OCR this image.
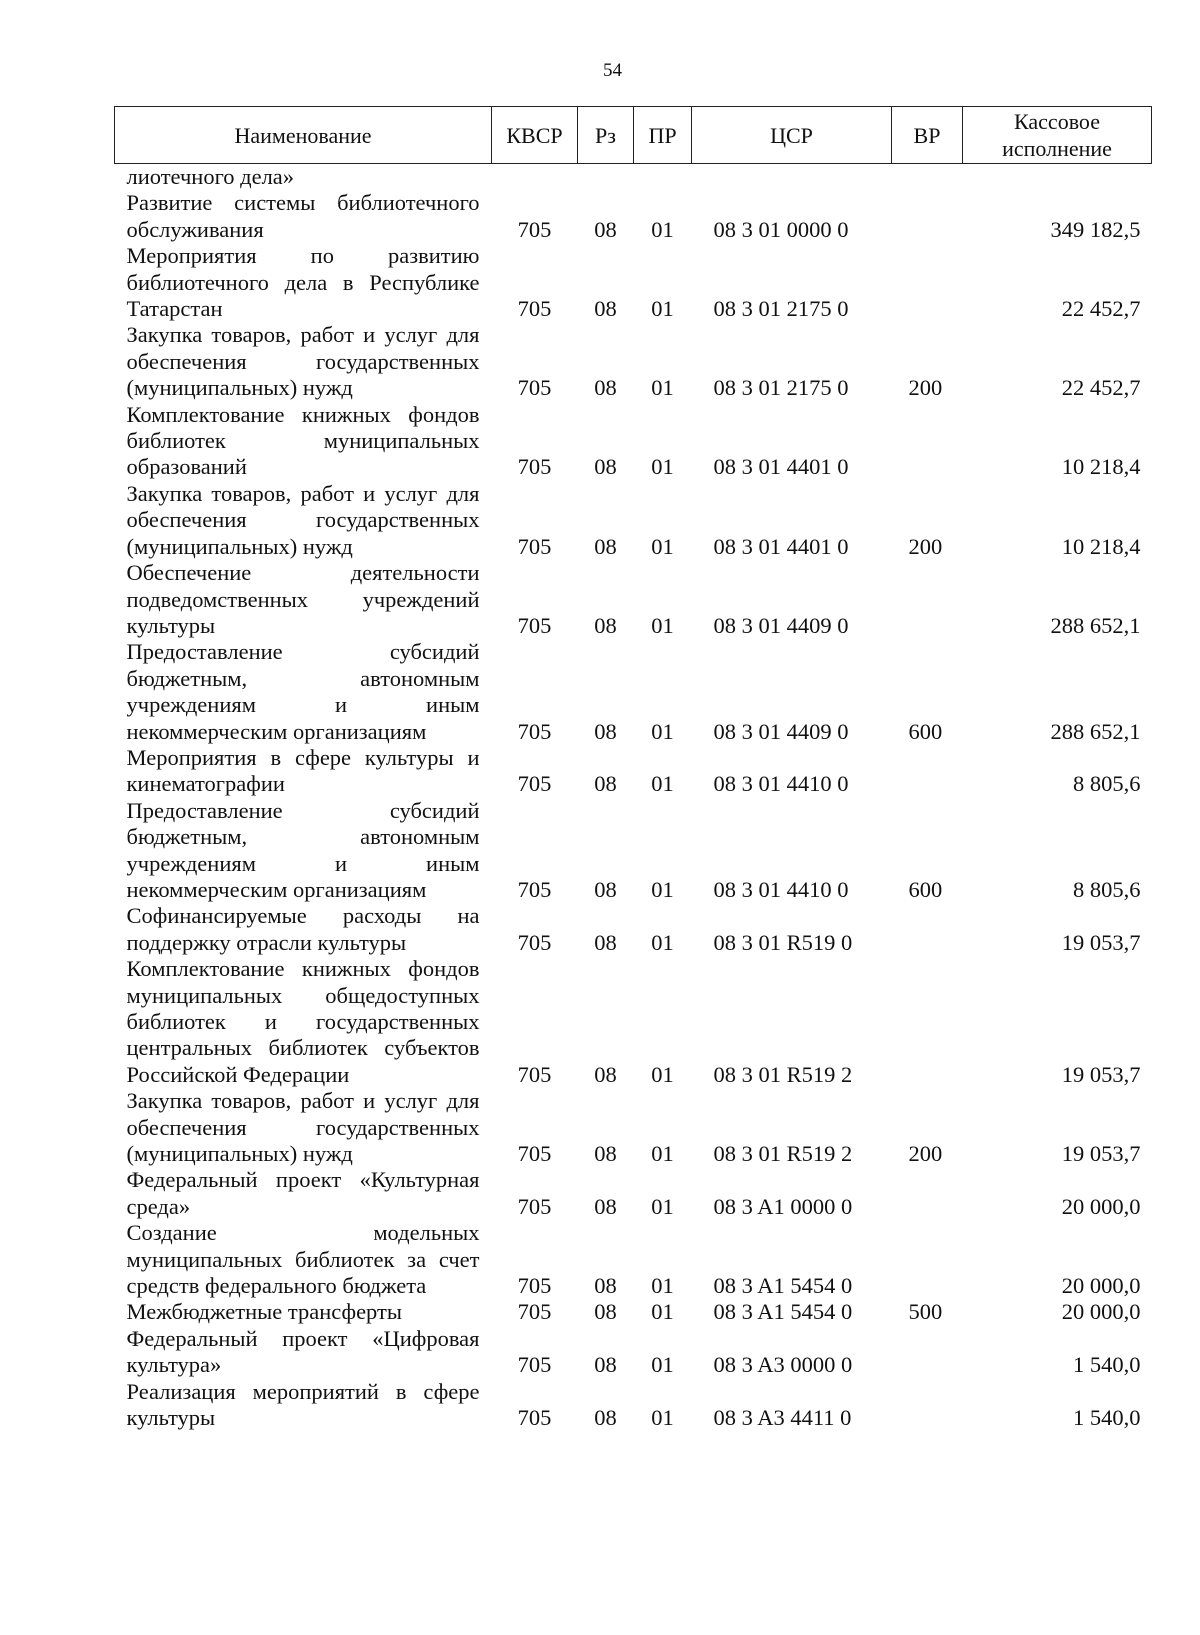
54
Наименование	КВСР	Рз	ПР	ЦСР	ВР	Кассовое исполнение
лиотечного дела»						
Развитие системы библиотечного обслуживания	705	08	01	08 3 01 0000 0		349 182,5
Мероприятия по развитию библиотечного дела в Республике Татарстан	705	08	01	08 3 01 2175 0		22 452,7
Закупка товаров, работ и услуг для обеспечения государственных (муниципальных) нужд	705	08	01	08 3 01 2175 0	200	22 452,7
Комплектование книжных фондов библиотек муниципальных образований	705	08	01	08 3 01 4401 0		10 218,4
Закупка товаров, работ и услуг для обеспечения государственных (муниципальных) нужд	705	08	01	08 3 01 4401 0	200	10 218,4
Обеспечение деятельности подведомственных учреждений культуры	705	08	01	08 3 01 4409 0		288 652,1
Предоставление субсидий бюджетным, автономным учреждениям и иным некоммерческим организациям	705	08	01	08 3 01 4409 0	600	288 652,1
Мероприятия в сфере культуры и кинематографии	705	08	01	08 3 01 4410 0		8 805,6
Предоставление субсидий бюджетным, автономным учреждениям и иным некоммерческим организациям	705	08	01	08 3 01 4410 0	600	8 805,6
Софинансируемые расходы на поддержку отрасли культуры	705	08	01	08 3 01 R519 0		19 053,7
Комплектование книжных фондов муниципальных общедоступных библиотек и государственных центральных библиотек субъектов Российской Федерации	705	08	01	08 3 01 R519 2		19 053,7
Закупка товаров, работ и услуг для обеспечения государственных (муниципальных) нужд	705	08	01	08 3 01 R519 2	200	19 053,7
Федеральный проект «Культурная среда»	705	08	01	08 3 A1 0000 0		20 000,0
Создание модельных муниципальных библиотек за счет средств федерального бюджета	705	08	01	08 3 A1 5454 0		20 000,0
Межбюджетные трансферты	705	08	01	08 3 A1 5454 0	500	20 000,0
Федеральный проект «Цифровая культура»	705	08	01	08 3 A3 0000 0		1 540,0
Реализация мероприятий в сфере культуры	705	08	01	08 3 A3 4411 0		1 540,0
